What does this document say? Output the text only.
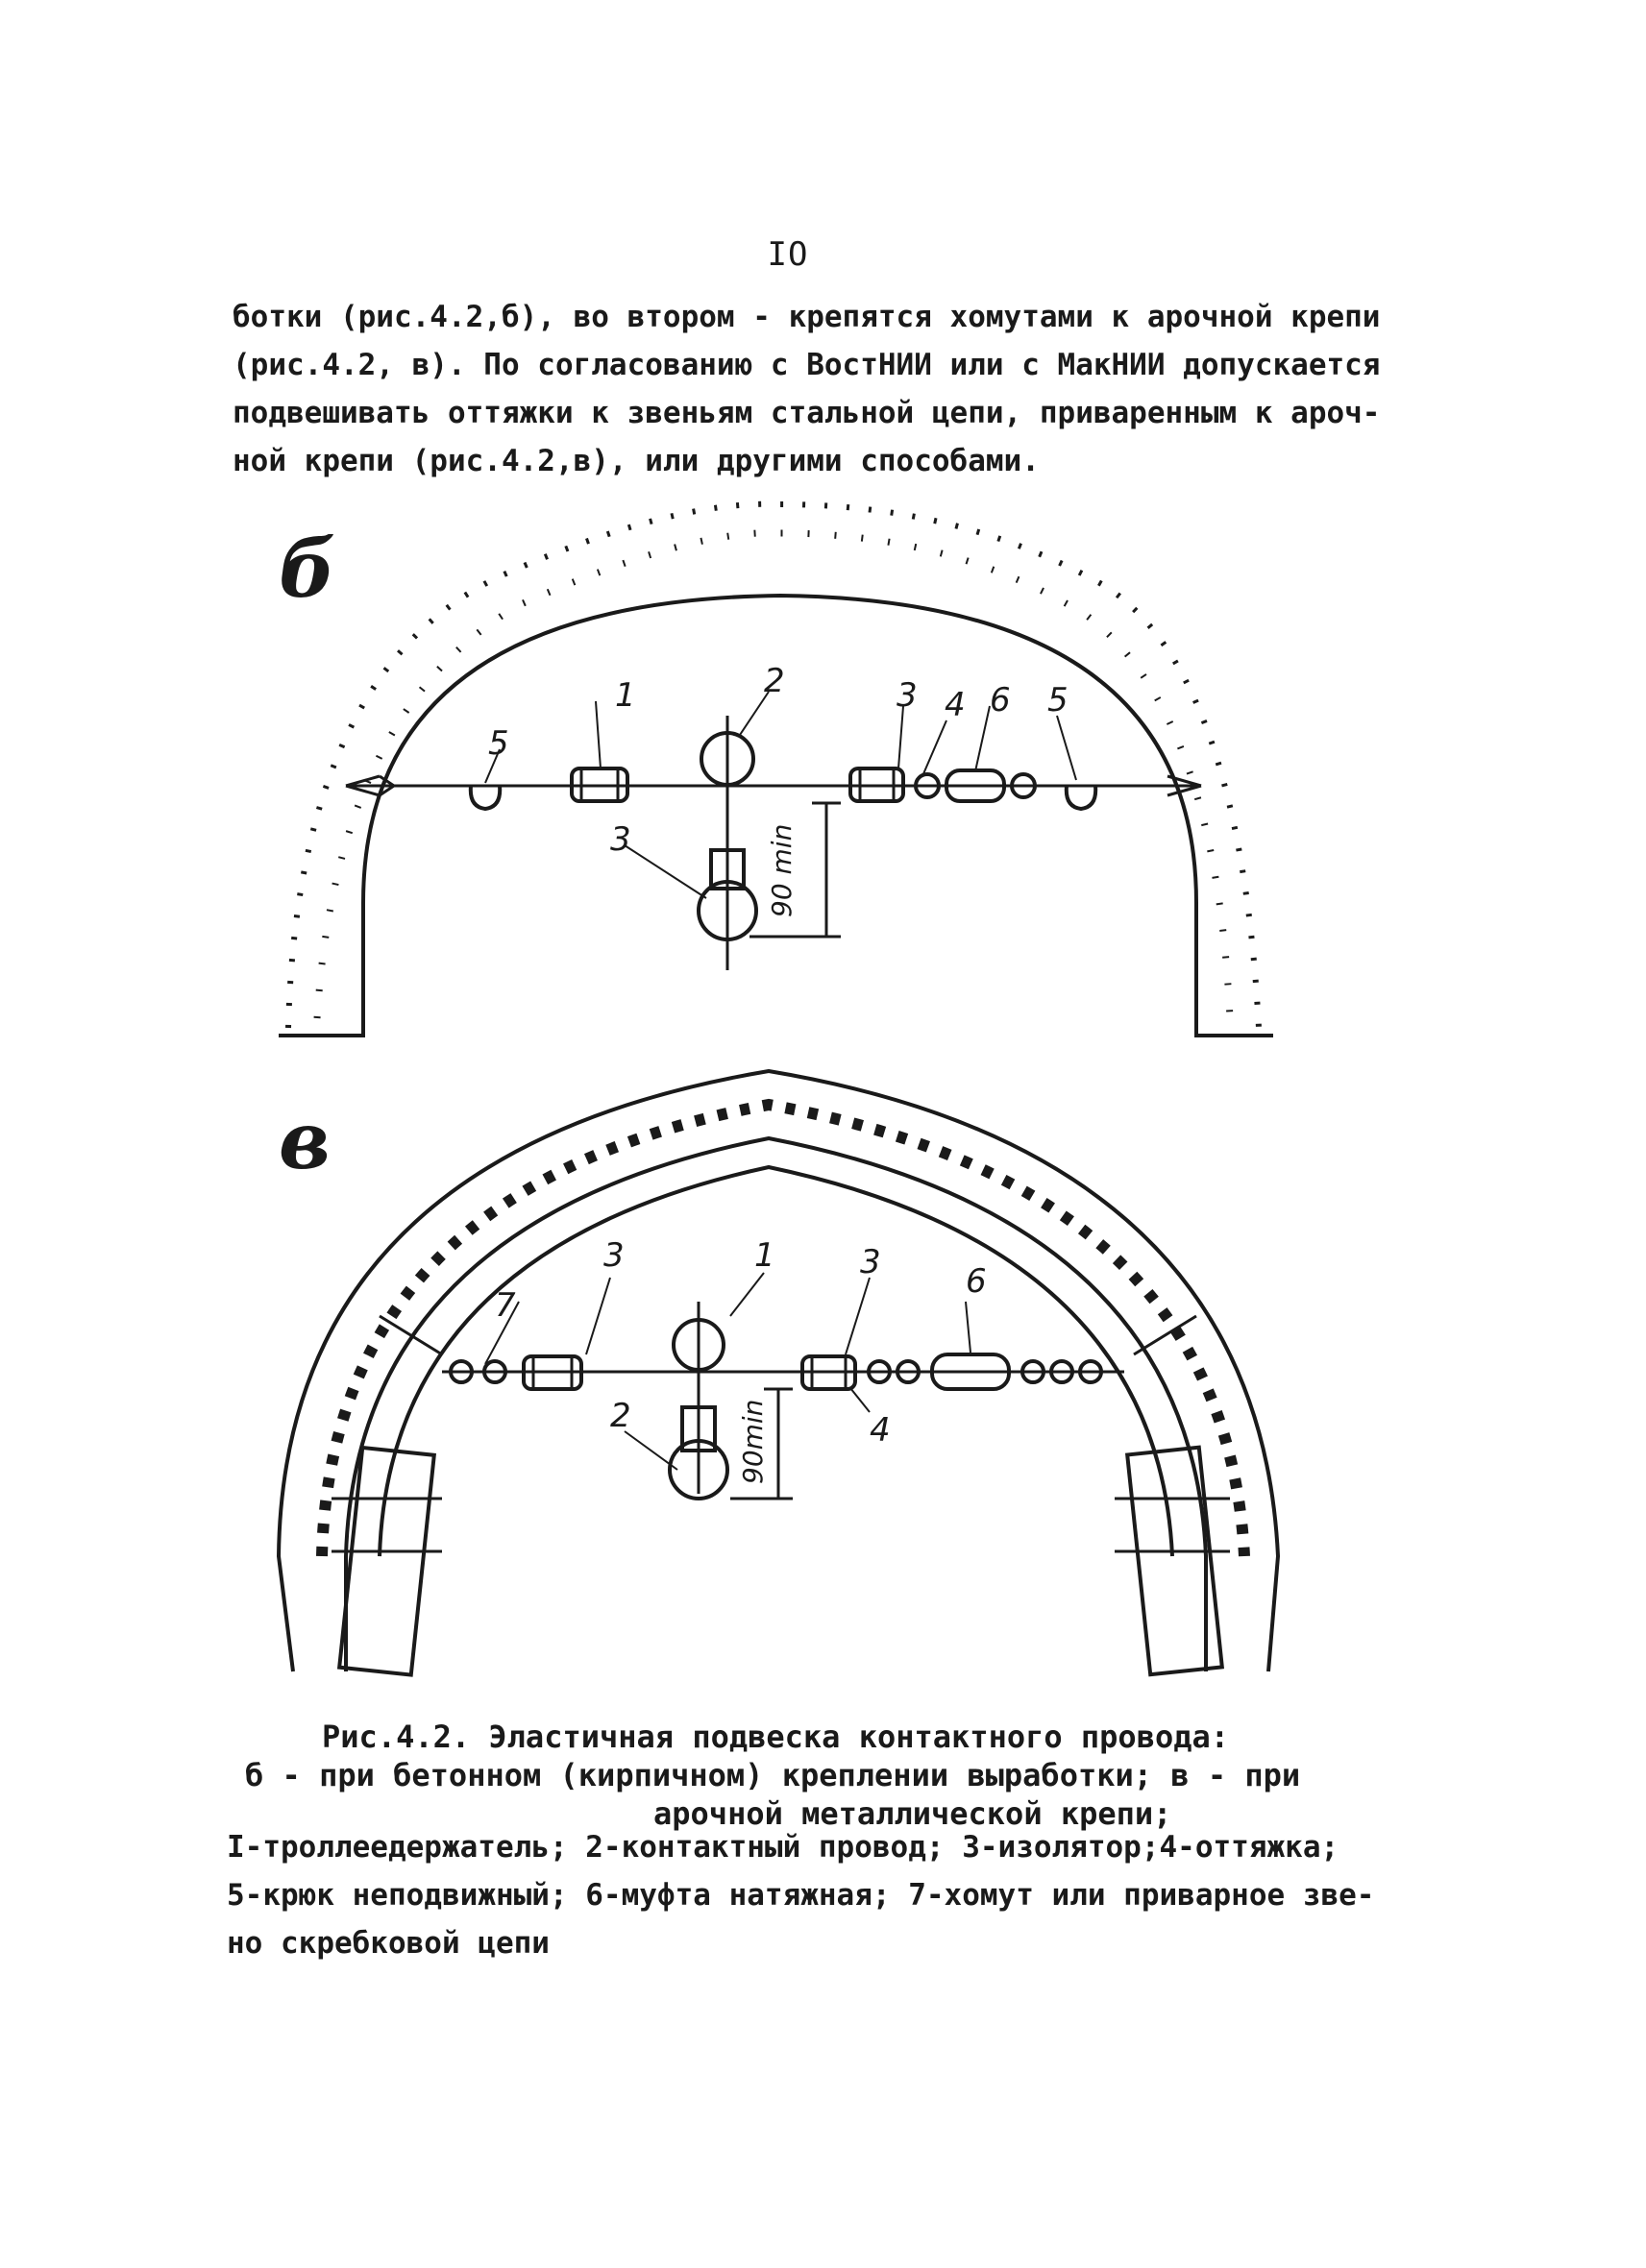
IO
ботки (рис.4.2,б), во втором - крепятся хомутами к арочной крепи
(рис.4.2, в). По согласованию с ВостНИИ или с МакНИИ допускается
подвешивать оттяжки к звеньям стальной цепи, приваренным к aроч-
ной крепи (рис.4.2,в), или другими способами.
б
в
1	2
3
3 4 6 5
5
90 min
7
3	1
2
3	6
4
90min
Рис.4.2. Эластичная подвеска контактного провода:
б - при бетонном (кирпичном) креплении выработки; в - при
арочной металлической крепи;
I-троллеедержатель; 2-контактный провод; 3-изолятор;4-оттяжка;
5-крюк неподвижный; 6-муфта натяжная; 7-хомут или приварное зве-
но скребковой цепи
